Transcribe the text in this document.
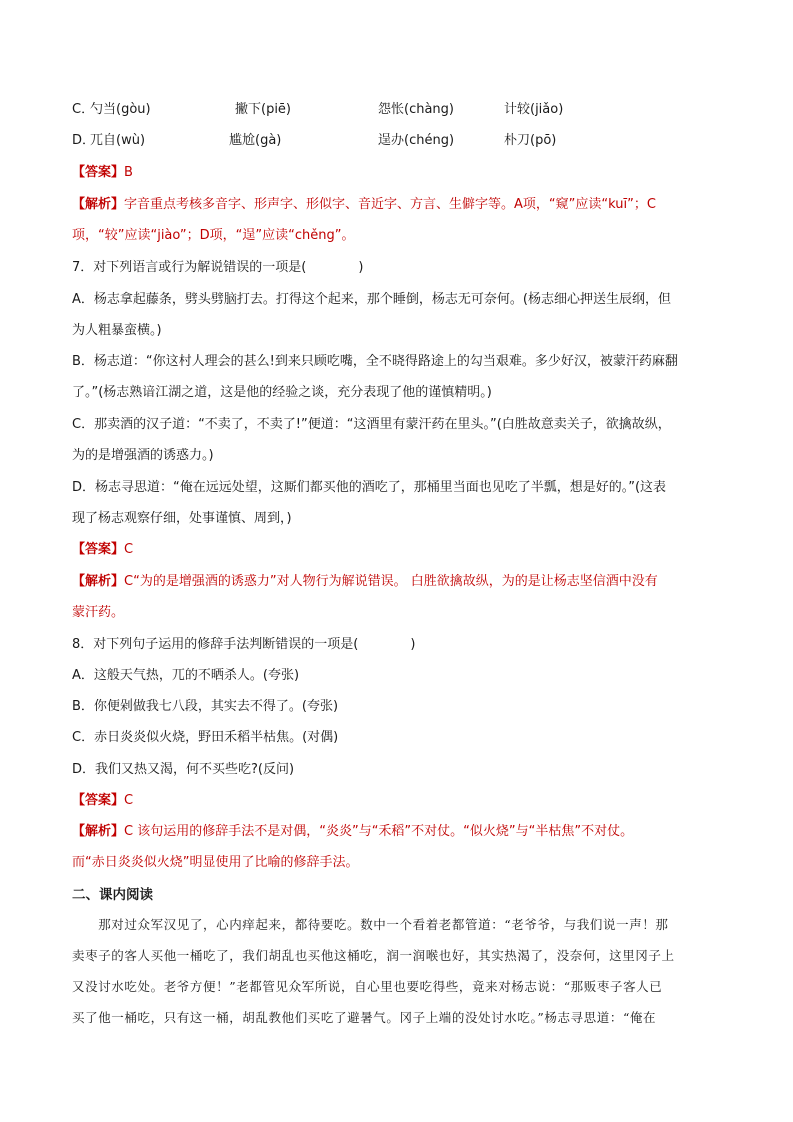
C．
勺当(gòu)	撇下(piē)	怨怅(chàng)	计较(jiǎo)
D．
兀自(wù)	尴尬(gà)	逞办(chéng)	朴刀(pō)
【答案】B
【解析】字音重点考核多音字、形声字、形似字、音近字、方言、生僻字等。A项，“窥”应读“kuī”；C
项，“较”应读“jiào”；D项，“逞”应读“chěng”。
7．对下列语言或行为解说错误的一项是(　　　　)
A．杨志拿起藤条，劈头劈脑打去。打得这个起来，那个睡倒，杨志无可奈何。(杨志细心押送生辰纲，但
为人粗暴蛮横。)
B．杨志道：“你这村人理会的甚么!到来只顾吃嘴，全不晓得路途上的勾当艰难。多少好汉，被蒙汗药麻翻
了。”(杨志熟谙江湖之道，这是他的经验之谈，充分表现了他的谨慎精明。)
C．那卖酒的汉子道：“不卖了，不卖了!”便道：“这酒里有蒙汗药在里头。”(白胜故意卖关子，欲擒故纵，
为的是增强酒的诱惑力。)
D．杨志寻思道：“俺在远远处望，这厮们都买他的酒吃了，那桶里当面也见吃了半瓢，想是好的。”(这表
现了杨志观察仔细，处事谨慎、周到，)
【答案】C
【解析】C“为的是增强酒的诱惑力”对人物行为解说错误。 白胜欲擒故纵，为的是让杨志坚信酒中没有
蒙汗药。
8．对下列句子运用的修辞手法判断错误的一项是(　　　　)
A．这般天气热，兀的不晒杀人。(夸张)
B．你便剁做我七八段，其实去不得了。(夸张)
C．赤日炎炎似火烧，野田禾稻半枯焦。(对偶)
D．我们又热又渴，何不买些吃?(反问)
【答案】C
【解析】C 该句运用的修辞手法不是对偶，“炎炎”与“禾稻”不对仗。“似火烧”与“半枯焦”不对仗。
而“赤日炎炎似火烧”明显使用了比喻的修辞手法。
二、课内阅读
　　那对过众军汉见了，心内痒起来，都待要吃。数中一个看着老都管道：“老爷爷，与我们说一声！那
卖枣子的客人买他一桶吃了，我们胡乱也买他这桶吃，润一润喉也好，其实热渴了，没奈何，这里冈子上
又没讨水吃处。老爷方便！”老都管见众军所说，自心里也要吃得些，竟来对杨志说：“那贩枣子客人已
买了他一桶吃，只有这一桶，胡乱教他们买吃了避暑气。冈子上端的没处讨水吃。”杨志寻思道：“俺在
